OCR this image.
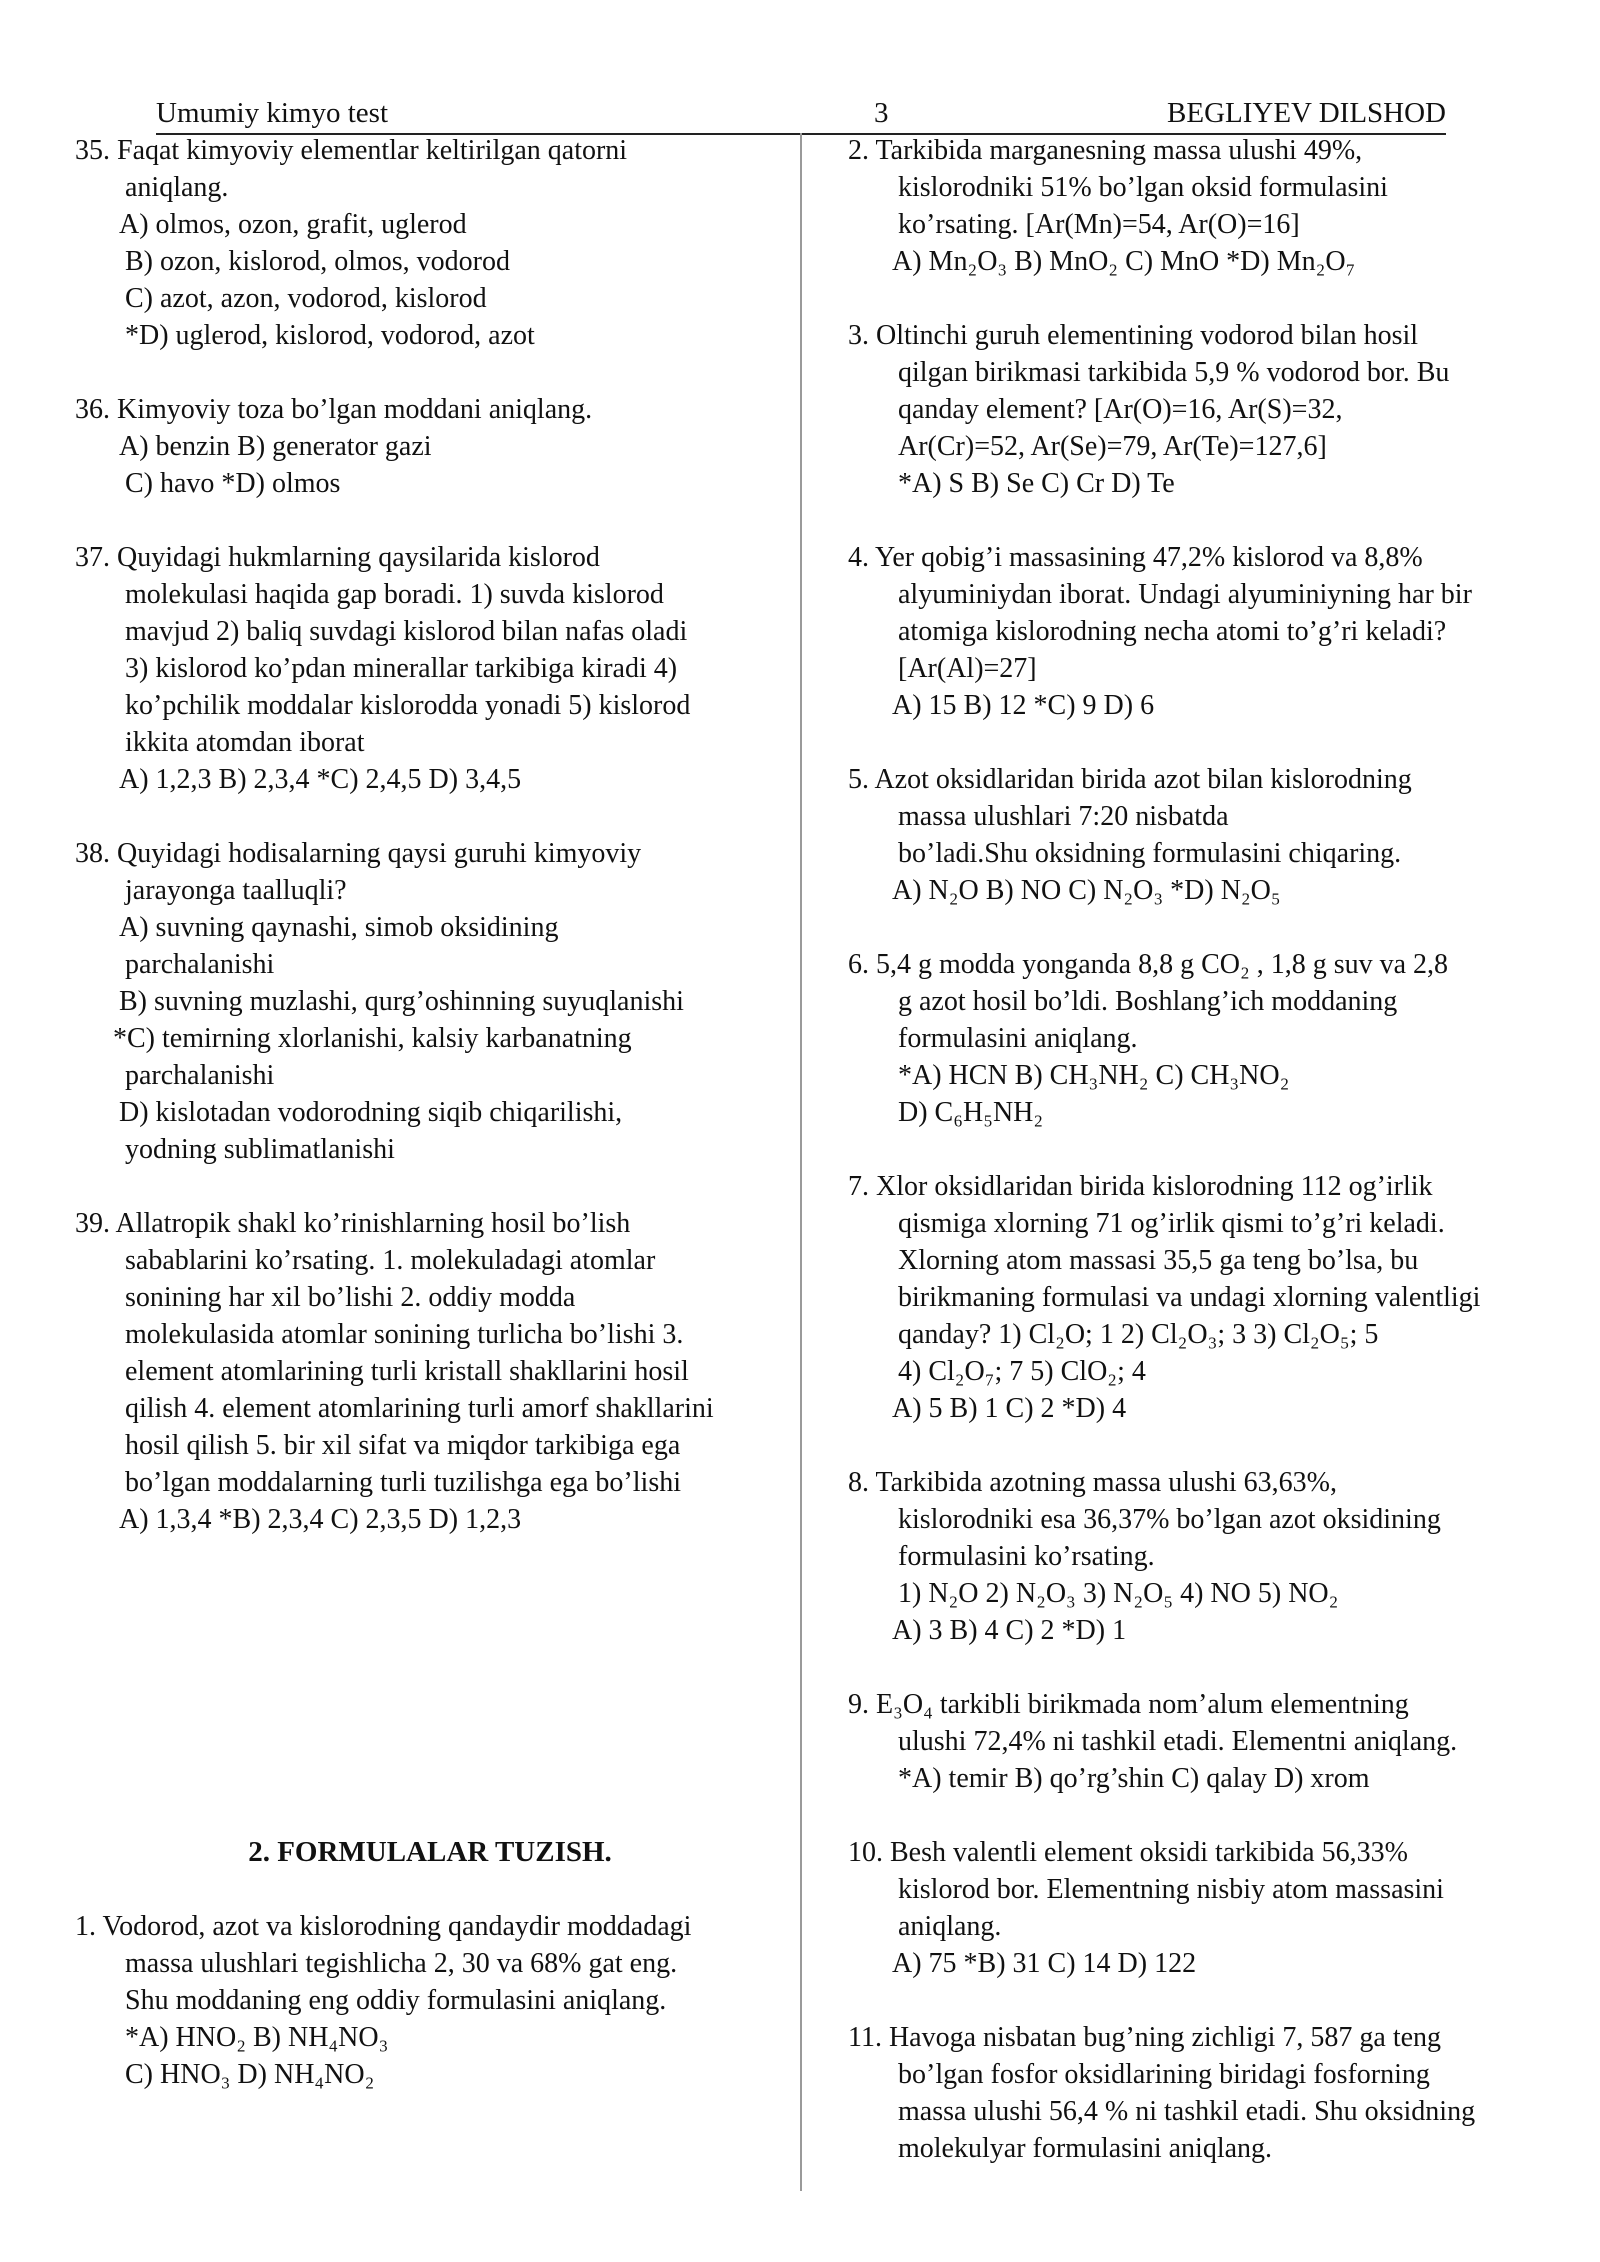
Umumiy kimyo test	3	BEGLIYEV DILSHOD

35. Faqat kimyoviy elementlar keltirilgan qatorni

aniqlang.

A) olmos, ozon, grafit, uglerod

B) ozon, kislorod, olmos, vodorod

C) azot, azon, vodorod, kislorod

*D) uglerod, kislorod, vodorod, azot

36. Kimyoviy toza bo’lgan moddani aniqlang.

A) benzin B) generator gazi

C) havo *D) olmos

37. Quyidagi hukmlarning qaysilarida kislorod

molekulasi haqida gap boradi. 1) suvda kislorod

mavjud 2) baliq suvdagi kislorod bilan nafas oladi

3) kislorod ko’pdan minerallar tarkibiga kiradi 4)

ko’pchilik moddalar kislorodda yonadi 5) kislorod

ikkita atomdan iborat

A) 1,2,3 B) 2,3,4 *C) 2,4,5 D) 3,4,5

38. Quyidagi hodisalarning qaysi guruhi kimyoviy

jarayonga taalluqli?

A) suvning qaynashi, simob oksidining

parchalanishi

B) suvning muzlashi, qurg’oshinning suyuqlanishi

*C) temirning xlorlanishi, kalsiy karbanatning

parchalanishi

D) kislotadan vodorodning siqib chiqarilishi,

yodning sublimatlanishi

39. Allatropik shakl ko’rinishlarning hosil bo’lish

sabablarini ko’rsating. 1. molekuladagi atomlar

sonining har xil bo’lishi 2. oddiy modda

molekulasida atomlar sonining turlicha bo’lishi 3.

element atomlarining turli kristall shakllarini hosil

qilish 4. element atomlarining turli amorf shakllarini

hosil qilish 5. bir xil sifat va miqdor tarkibiga ega

bo’lgan moddalarning turli tuzilishga ega bo’lishi

A) 1,3,4 *B) 2,3,4 C) 2,3,5 D) 1,2,3

2. FORMULALAR TUZISH.

1. Vodorod, azot va kislorodning qandaydir moddadagi

massa ulushlari tegishlicha 2, 30 va 68% gat eng.

Shu moddaning eng oddiy formulasini aniqlang.

*A) HNO₂ B) NH₄NO₃

C) HNO₃ D) NH₄NO₂

2. Tarkibida marganesning massa ulushi 49%,

kislorodniki 51% bo’lgan oksid formulasini

ko’rsating. [Ar(Mn)=54, Ar(O)=16]

A) Mn₂O₃ B) MnO₂ C) MnO *D) Mn₂O₇

3. Oltinchi guruh elementining vodorod bilan hosil

qilgan birikmasi tarkibida 5,9 % vodorod bor. Bu

qanday element? [Ar(O)=16, Ar(S)=32,

Ar(Cr)=52, Ar(Se)=79, Ar(Te)=127,6]

*A) S B) Se C) Cr D) Te

4. Yer qobig’i massasining 47,2% kislorod va 8,8%

alyuminiydan iborat. Undagi alyuminiyning har bir

atomiga kislorodning necha atomi to’g’ri keladi?

[Ar(Al)=27]

A) 15 B) 12 *C) 9 D) 6

5. Azot oksidlaridan birida azot bilan kislorodning

massa ulushlari 7:20 nisbatda

bo’ladi.Shu oksidning formulasini chiqaring.

A) N₂O B) NO C) N₂O₃ *D) N₂O₅

6. 5,4 g modda yonganda 8,8 g CO₂ , 1,8 g suv va 2,8

g azot hosil bo’ldi. Boshlang’ich moddaning

formulasini aniqlang.

*A) HCN B) CH₃NH₂ C) CH₃NO₂

D) C₆H₅NH₂

7. Xlor oksidlaridan birida kislorodning 112 og’irlik

qismiga xlorning 71 og’irlik qismi to’g’ri keladi.

Xlorning atom massasi 35,5 ga teng bo’lsa, bu

birikmaning formulasi va undagi xlorning valentligi

qanday? 1) Cl₂O; 1 2) Cl₂O₃; 3 3) Cl₂O₅; 5

4) Cl₂O₇; 7 5) ClO₂; 4

A) 5 B) 1 C) 2 *D) 4

8. Tarkibida azotning massa ulushi 63,63%,

kislorodniki esa 36,37% bo’lgan azot oksidining

formulasini ko’rsating.

1) N₂O 2) N₂O₃ 3) N₂O₅ 4) NO 5) NO₂

A) 3 B) 4 C) 2 *D) 1

9. E₃O₄ tarkibli birikmada nom’alum elementning

ulushi 72,4% ni tashkil etadi. Elementni aniqlang.

*A) temir B) qo’rg’shin C) qalay D) xrom

10. Besh valentli element oksidi tarkibida 56,33%

kislorod bor. Elementning nisbiy atom massasini

aniqlang.

A) 75 *B) 31 C) 14 D) 122

11. Havoga nisbatan bug’ning zichligi 7, 587 ga teng

bo’lgan fosfor oksidlarining biridagi fosforning

massa ulushi 56,4 % ni tashkil etadi. Shu oksidning

molekulyar formulasini aniqlang.
